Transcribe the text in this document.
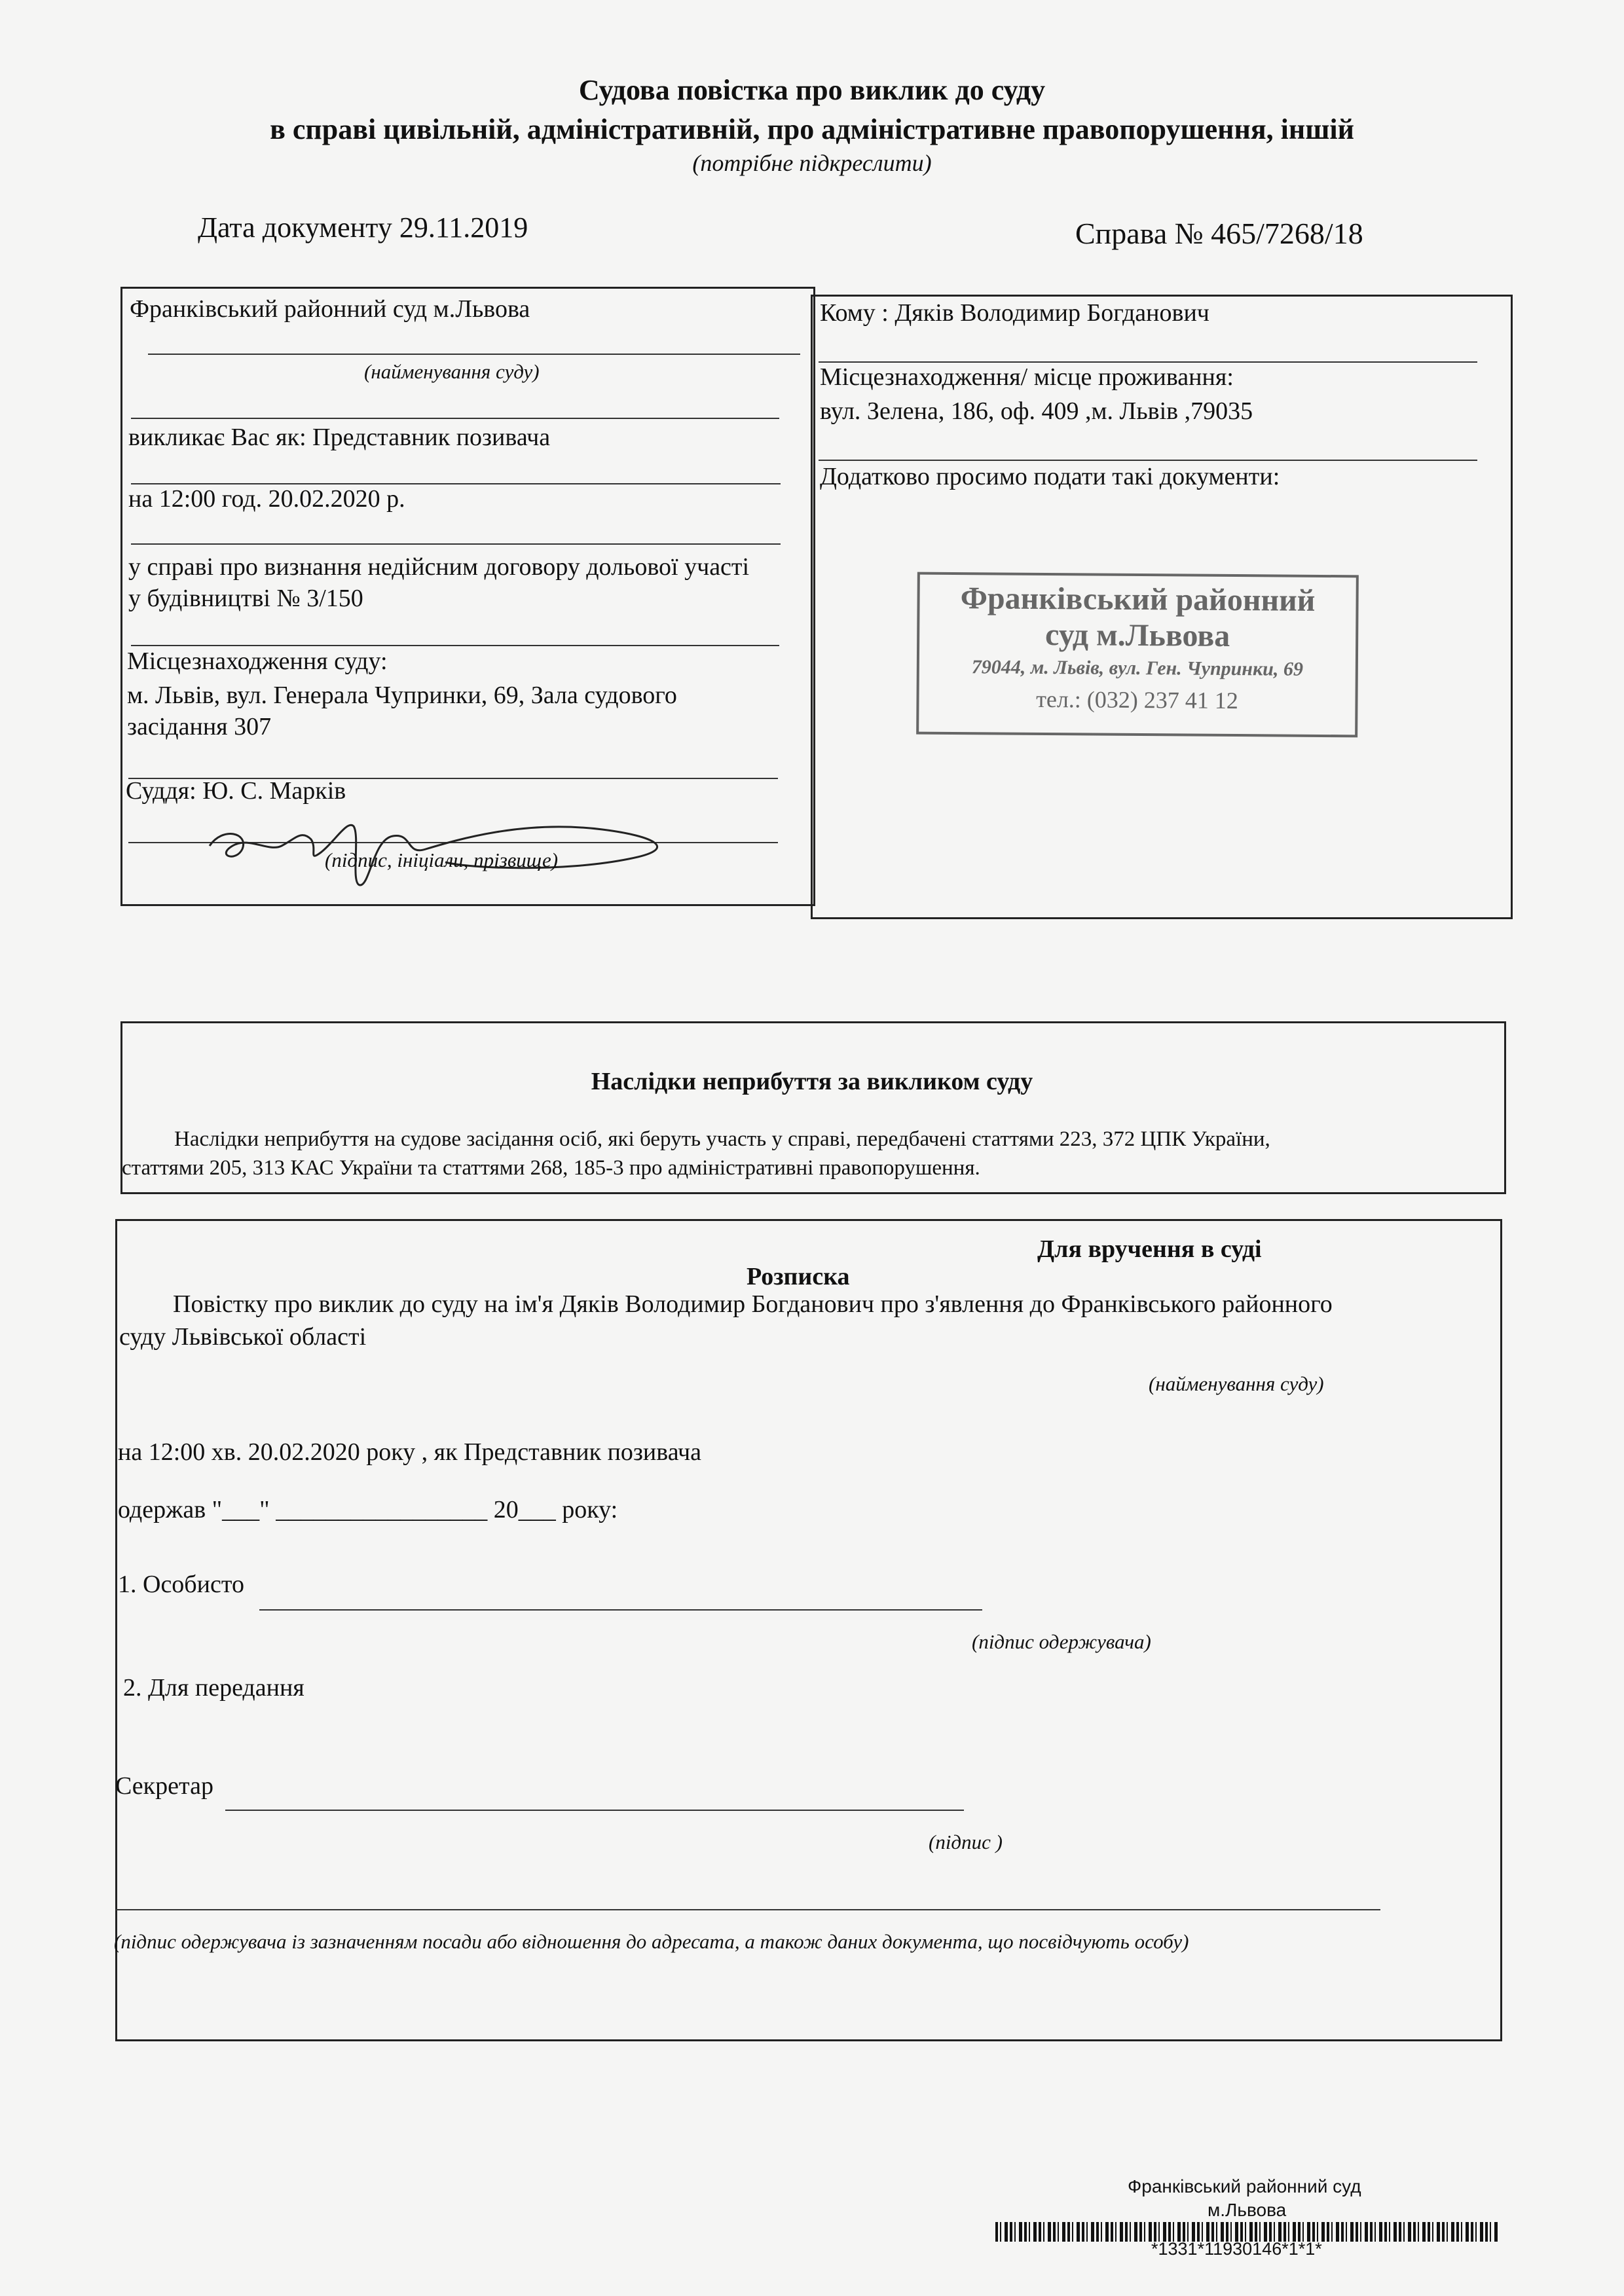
Судова повістка про виклик до суду
в справі цивільній, адміністративній, про адміністративне правопорушення, іншій
(потрібне підкреслити)
Дата документу 29.11.2019	Справа № 465/7268/18
Франківський районний суд м.Львова
(найменування суду)
викликає Вас як: Представник позивача
на 12:00 год. 20.02.2020 р.
у справі про визнання недійсним договору дольової участі
у будівництві № 3/150
Місцезнаходження суду:
м. Львів, вул. Генерала Чупринки, 69, Зала судового
засідання 307
Суддя: Ю. С. Марків
(підпис, ініціали, прізвище)
Кому : Дяків Володимир Богданович
Місцезнаходження/ місце проживання:
вул. Зелена, 186, оф. 409 ,м. Львів ,79035
Додатково просимо подати такі документи:
Франківський районний
суд м.Львова
79044, м. Львів, вул. Ген. Чупринки, 69
тел.: (032) 237 41 12
Наслідки неприбуття за викликом суду
Наслідки неприбуття на судове засідання осіб, які беруть участь у справі, передбачені статтями 223, 372 ЦПК України,
статтями 205, 313 КАС України та статтями 268, 185-3 про адміністративні правопорушення.
Для вручення в суді
Розписка
Повістку про виклик до суду на ім'я Дяків Володимир Богданович про з'явлення до Франківського районного
суду Львівської області
(найменування суду)
на 12:00 хв. 20.02.2020 року , як Представник позивача
одержав "___" _________________ 20___ року:
1. Особисто
(підпис одержувача)
2. Для передання
Секретар
(підпис )
(підпис одержувача із зазначенням посади або відношення до адресата, а також даних документа, що посвідчують особу)
Франківський районний суд
м.Львова
*1331*11930146*1*1*
